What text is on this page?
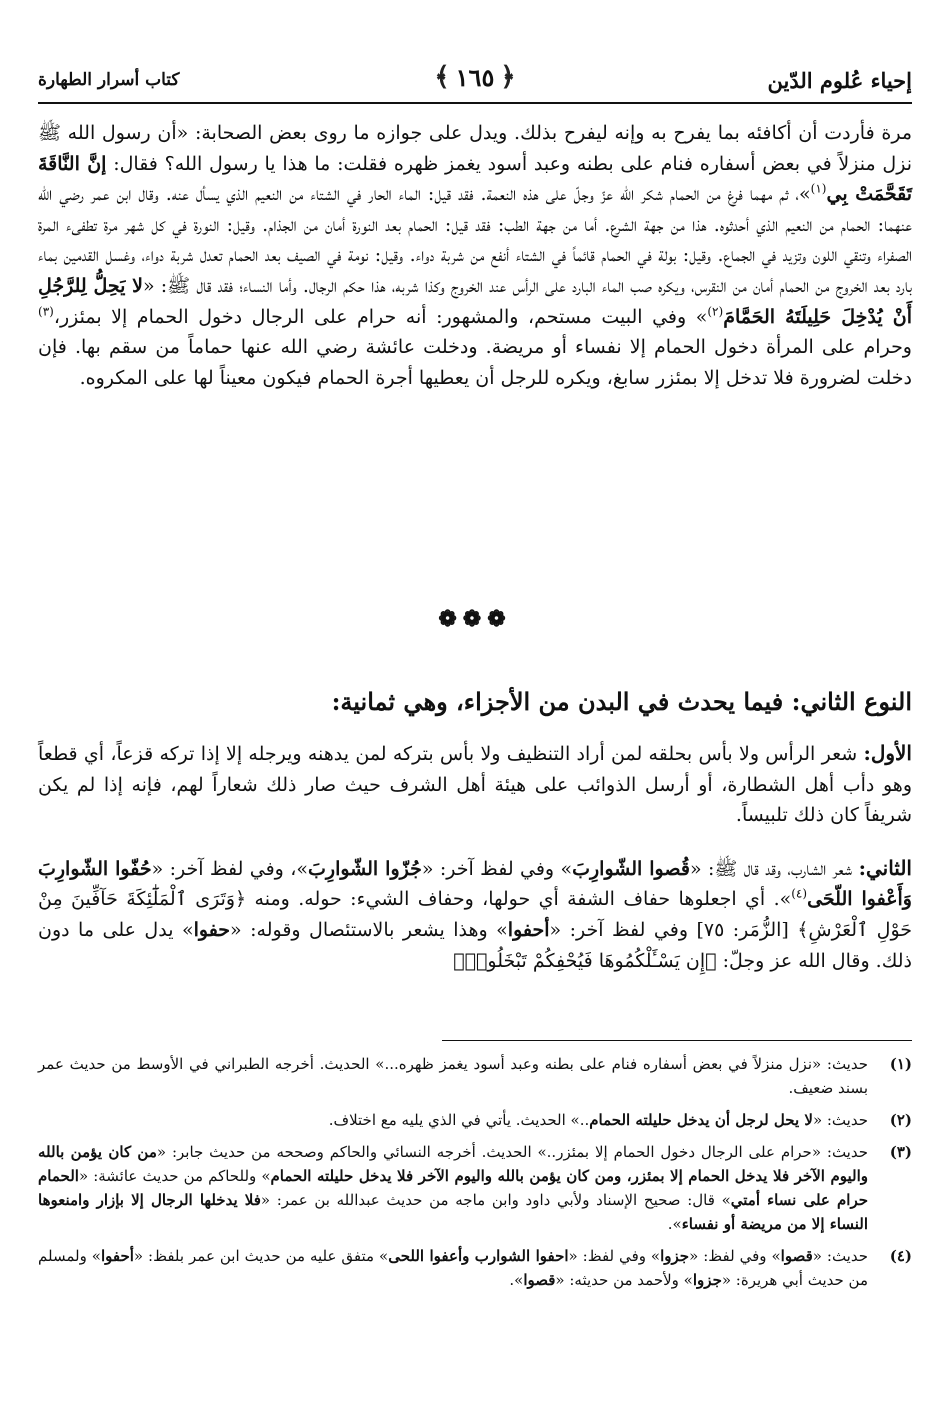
إحياء عُلوم الدّين
﴿
١٦٥
﴾
كتاب أسرار الطهارة

مرة فأردت أن أكافئه بما يفرح به وإنه ليفرح بذلك. ويدل على جوازه ما روى بعض الصحابة: «أن رسول الله ﷺ نزل منزلاً في بعض أسفاره فنام على بطنه وعبد أسود يغمز ظهره فقلت: ما هذا يا رسول الله؟ فقال: إنَّ النَّاقَةَ تَقَحَّمَتْ بِي$^{(١)}$»، ثم مهما فرغ من الحمام شكر الله عزّ وجلّ على هذه النعمة. فقد قيل: الماء الحار في الشتاء من النعيم الذي يسأل عنه. وقال ابن عمر رضي الله عنهما: الحمام من النعيم الذي أحدثوه. هذا من جهة الشرع. أما من جهة الطب: فقد قيل: الحمام بعد النورة أمان من الجذام. وقيل: النورة في كل شهر مرة تطفىء المرة الصفراء وتنقي اللون وتزيد في الجماع. وقيل: بولة في الحمام قائماً في الشتاء أنفع من شربة دواء. وقيل: نومة في الصيف بعد الحمام تعدل شربة دواء، وغسل القدمين بماء بارد بعد الخروج من الحمام أمان من النقرس، ويكره صب الماء البارد على الرأس عند الخروج وكذا شربه، هذا حكم الرجال. وأما النساء؛ فقد قال ﷺ: «لا يَحِلُّ لِلرَّجُلِ أَنْ يُدْخِلَ حَلِيلَتَهُ الحَمَّامَ$^{(٢)}$» وفي البيت مستحم، والمشهور: أنه حرام على الرجال دخول الحمام إلا بمئزر،$^{(٣)}$ وحرام على المرأة دخول الحمام إلا نفساء أو مريضة. ودخلت عائشة رضي الله عنها حماماً من سقم بها. فإن دخلت لضرورة فلا تدخل إلا بمئزر سابغ، ويكره للرجل أن يعطيها أجرة الحمام فيكون معيناً لها على المكروه.

❁❁❁
النوع الثاني: فيما يحدث في البدن من الأجزاء، وهي ثمانية:

الأول: شعر الرأس ولا بأس بحلقه لمن أراد التنظيف ولا بأس بتركه لمن يدهنه ويرجله إلا إذا تركه قزعاً، أي قطعاً وهو دأب أهل الشطارة، أو أرسل الذوائب على هيئة أهل الشرف حيث صار ذلك شعاراً لهم، فإنه إذا لم يكن شريفاً كان ذلك تلبيساً.

الثاني: شعر الشارب، وقد قال ﷺ: «قُصوا الشّوارِبَ» وفي لفظ آخر: «جُزّوا الشّوارِبَ»، وفي لفظ آخر: «حُفّوا الشّوارِبَ وَأَعْفوا اللّحَى$^{(٤)}$». أي اجعلوها حفاف الشفة أي حولها، وحفاف الشيء: حوله. ومنه ﴿وَتَرَى ٱلْمَلَٰٓئِكَةَ حَآفِّينَ مِنْ حَوْلِ ٱلْعَرْشِ﴾ [الزُّمَر: ٧٥] وفي لفظ آخر: «أحفوا» وهذا يشعر بالاستئصال وقوله: «حفوا» يدل على ما دون ذلك. وقال الله عز وجلّ: ﴿إِن يَسْـَٔلْكُمُوهَا فَيُحْفِكُمْ تَبْخَلُوا۟﴾

(١)
حديث: «نزل منزلاً في بعض أسفاره فنام على بطنه وعبد أسود يغمز ظهره...» الحديث. أخرجه الطبراني في الأوسط من حديث عمر بسند ضعيف.
(٢)
حديث: «لا يحل لرجل أن يدخل حليلته الحمام..» الحديث. يأتي في الذي يليه مع اختلاف.
(٣)
حديث: «حرام على الرجال دخول الحمام إلا بمئزر..» الحديث. أخرجه النسائي والحاكم وصححه من حديث جابر: «من كان يؤمن بالله واليوم الآخر فلا يدخل الحمام إلا بمئزر، ومن كان يؤمن بالله واليوم الآخر فلا يدخل حليلته الحمام» وللحاكم من حديث عائشة: «الحمام حرام على نساء أمتي» قال: صحيح الإسناد ولأبي داود وابن ماجه من حديث عبدالله بن عمر: «فلا يدخلها الرجال إلا بإزار وامنعوها النساء إلا من مريضة أو نفساء».
(٤)
حديث: «قصوا» وفي لفظ: «جزوا» وفي لفظ: «احفوا الشوارب وأعفوا اللحى» متفق عليه من حديث ابن عمر بلفظ: «أحفوا» ولمسلم من حديث أبي هريرة: «جزوا» ولأحمد من حديثه: «قصوا».
